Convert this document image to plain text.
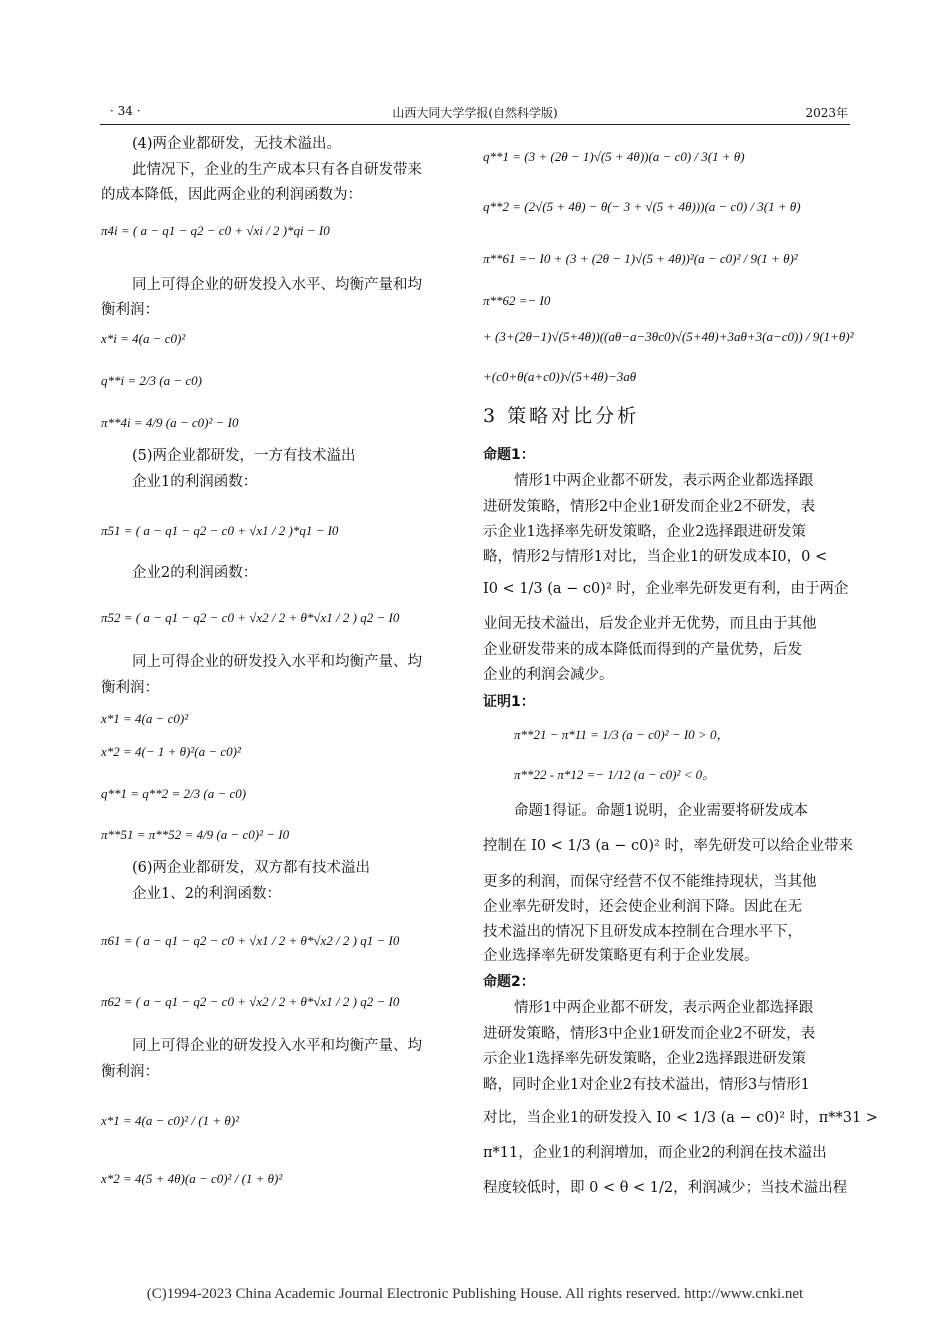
· 34 ·	山西大同大学学报(自然科学版)	2023年
(4)两企业都研发，无技术溢出。
此情况下，企业的生产成本只有各自研发带来
的成本降低，因此两企业的利润函数为：
π4i = ( a − q1 − q2 − c0 + √xi / 2 )*qi − I0
同上可得企业的研发投入水平、均衡产量和均
衡利润：
x*i = 4(a − c0)²
q**i = 2/3 (a − c0)
π**4i = 4/9 (a − c0)² − I0
(5)两企业都研发，一方有技术溢出
企业1的利润函数：
π51 = ( a − q1 − q2 − c0 + √x1 / 2 )*q1 − I0
企业2的利润函数：
π52 = ( a − q1 − q2 − c0 + √x2 / 2 + θ*√x1 / 2 ) q2 − I0
同上可得企业的研发投入水平和均衡产量、均
衡利润：
x*1 = 4(a − c0)²
x*2 = 4(− 1 + θ)²(a − c0)²
q**1 = q**2 = 2/3 (a − c0)
π**51 = π**52 = 4/9 (a − c0)² − I0
(6)两企业都研发，双方都有技术溢出
企业1、2的利润函数：
π61 = ( a − q1 − q2 − c0 + √x1 / 2 + θ*√x2 / 2 ) q1 − I0
π62 = ( a − q1 − q2 − c0 + √x2 / 2 + θ*√x1 / 2 ) q2 − I0
同上可得企业的研发投入水平和均衡产量、均
衡利润：
x*1 = 4(a − c0)² / (1 + θ)²
x*2 = 4(5 + 4θ)(a − c0)² / (1 + θ)²
q**1 = (3 + (2θ − 1)√(5 + 4θ))(a − c0) / 3(1 + θ)
q**2 = (2√(5 + 4θ) − θ(− 3 + √(5 + 4θ)))(a − c0) / 3(1 + θ)
π**61 =− I0 + (3 + (2θ − 1)√(5 + 4θ))²(a − c0)² / 9(1 + θ)²
π**62 =− I0
+ (3+(2θ−1)√(5+4θ))((aθ−a−3θc0)√(5+4θ)+3aθ+3(a−c0)) / 9(1+θ)²
+(c0+θ(a+c0))√(5+4θ)−3aθ
3 策略对比分析
命题1：
情形1中两企业都不研发，表示两企业都选择跟
进研发策略，情形2中企业1研发而企业2不研发，表
示企业1选择率先研发策略，企业2选择跟进研发策
略，情形2与情形1对比，当企业1的研发成本I0，0 <
I0 < 1/3 (a − c0)² 时，企业率先研发更有利，由于两企
业间无技术溢出，后发企业并无优势，而且由于其他
企业研发带来的成本降低而得到的产量优势，后发
企业的利润会减少。
证明1：
π**21 − π*11 = 1/3 (a − c0)² − I0 > 0，
π**22 - π*12 =− 1/12 (a − c0)² < 0。
命题1得证。命题1说明，企业需要将研发成本
控制在 I0 < 1/3 (a − c0)² 时，率先研发可以给企业带来
更多的利润，而保守经营不仅不能维持现状，当其他
企业率先研发时，还会使企业利润下降。因此在无
技术溢出的情况下且研发成本控制在合理水平下，
企业选择率先研发策略更有利于企业发展。
命题2：
情形1中两企业都不研发，表示两企业都选择跟
进研发策略，情形3中企业1研发而企业2不研发，表
示企业1选择率先研发策略，企业2选择跟进研发策
略，同时企业1对企业2有技术溢出，情形3与情形1
对比，当企业1的研发投入 I0 < 1/3 (a − c0)² 时，π**31 >
π*11，企业1的利润增加，而企业2的利润在技术溢出
程度较低时，即 0 < θ < 1/2，利润减少；当技术溢出程
(C)1994-2023 China Academic Journal Electronic Publishing House. All rights reserved. http://www.cnki.net
